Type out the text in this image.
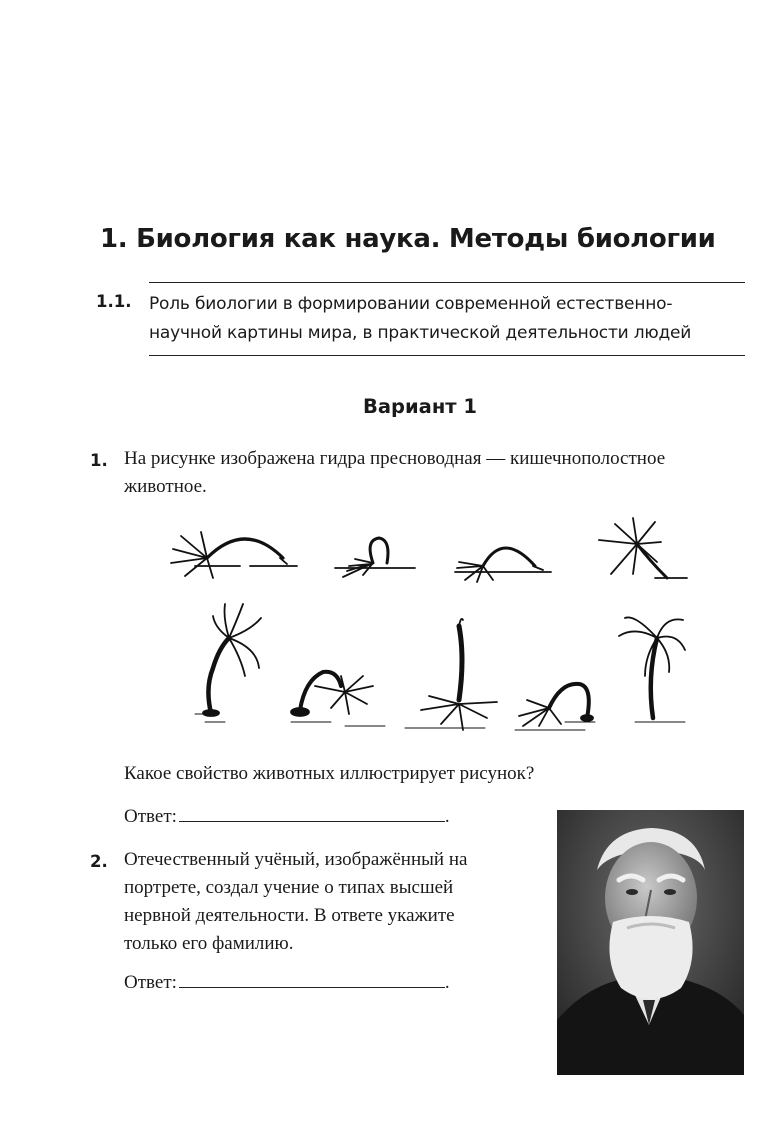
1. Биология как наука. Методы биологии
1.1. Роль биологии в формировании современной естественно-
научной картины мира, в практической деятельности людей
Вариант 1
1. На рисунке изображена гидра пресноводная — кишечнополостное
животное.
Какое свойство животных иллюстрирует рисунок?
Ответ:	.
2. Отечественный учёный, изображённый на
портрете, создал учение о типах высшей
нервной деятельности. В ответе укажите
только его фамилию.
Ответ:	.
